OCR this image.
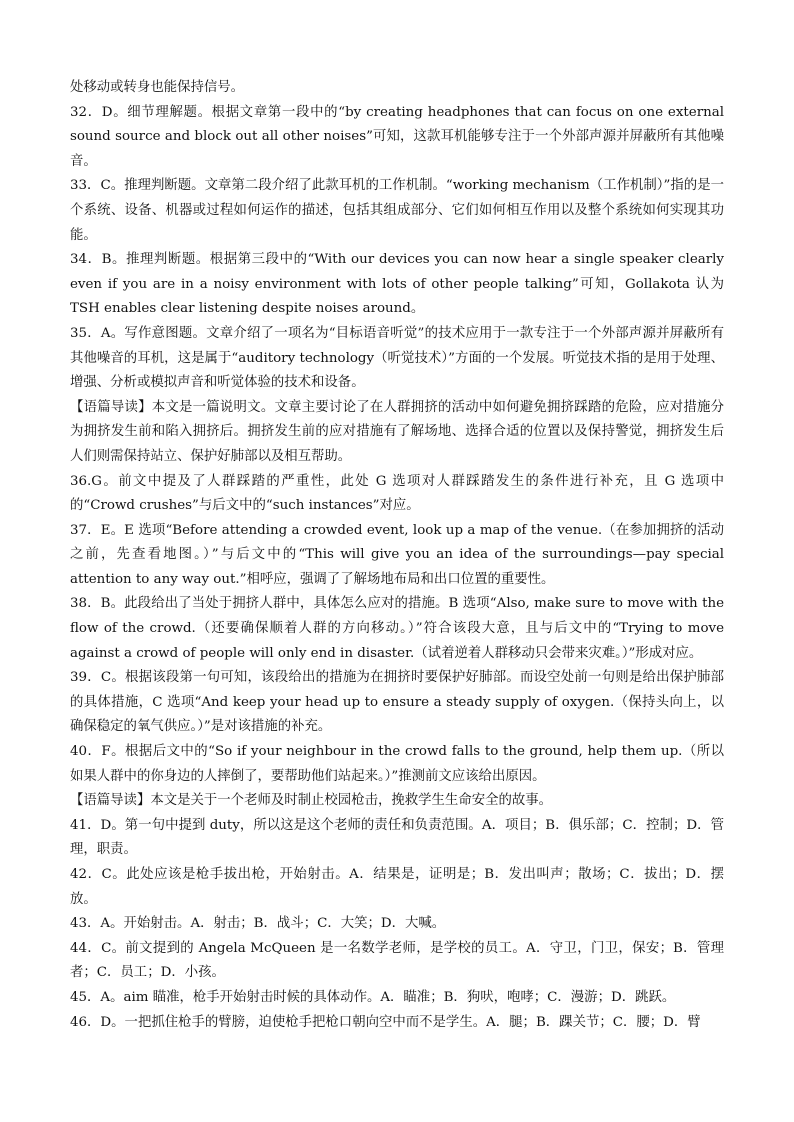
处移动或转身也能保持信号。

32．D。细节理解题。根据文章第一段中的“by creating headphones that can focus on one external sound source and block out all other noises”可知，这款耳机能够专注于一个外部声源并屏蔽所有其他噪音。

33．C。推理判断题。文章第二段介绍了此款耳机的工作机制。“working mechanism（工作机制）”指的是一个系统、设备、机器或过程如何运作的描述，包括其组成部分、它们如何相互作用以及整个系统如何实现其功能。

34．B。推理判断题。根据第三段中的“With our devices you can now hear a single speaker clearly even if you are in a noisy environment with lots of other people talking”可知，Gollakota 认为 TSH enables clear listening despite noises around。

35．A。写作意图题。文章介绍了一项名为“目标语音听觉”的技术应用于一款专注于一个外部声源并屏蔽所有其他噪音的耳机，这是属于“auditory technology（听觉技术）”方面的一个发展。听觉技术指的是用于处理、增强、分析或模拟声音和听觉体验的技术和设备。

【语篇导读】本文是一篇说明文。文章主要讨论了在人群拥挤的活动中如何避免拥挤踩踏的危险，应对措施分为拥挤发生前和陷入拥挤后。拥挤发生前的应对措施有了解场地、选择合适的位置以及保持警觉，拥挤发生后人们则需保持站立、保护好肺部以及相互帮助。

36.G。前文中提及了人群踩踏的严重性，此处 G 选项对人群踩踏发生的条件进行补充，且 G 选项中的“Crowd crushes”与后文中的“such instances”对应。

37．E。E 选项“Before attending a crowded event, look up a map of the venue.（在参加拥挤的活动之前，先查看地图。）”与后文中的“This will give you an idea of the surroundings—pay special attention to any way out.”相呼应，强调了了解场地布局和出口位置的重要性。

38．B。此段给出了当处于拥挤人群中，具体怎么应对的措施。B 选项“Also, make sure to move with the flow of the crowd.（还要确保顺着人群的方向移动。）”符合该段大意，且与后文中的“Trying to move against a crowd of people will only end in disaster.（试着逆着人群移动只会带来灾难。）”形成对应。

39．C。根据该段第一句可知，该段给出的措施为在拥挤时要保护好肺部。而设空处前一句则是给出保护肺部的具体措施，C 选项“And keep your head up to ensure a steady supply of oxygen.（保持头向上，以确保稳定的氧气供应。）”是对该措施的补充。

40．F。根据后文中的“So if your neighbour in the crowd falls to the ground, help them up.（所以如果人群中的你身边的人摔倒了，要帮助他们站起来。）”推测前文应该给出原因。

【语篇导读】本文是关于一个老师及时制止校园枪击，挽救学生生命安全的故事。

41．D。第一句中提到 duty，所以这是这个老师的责任和负责范围。A．项目；B．俱乐部；C．控制；D．管理，职责。

42．C。此处应该是枪手拔出枪，开始射击。A．结果是，证明是；B．发出叫声；散场；C．拔出；D．摆放。

43．A。开始射击。A．射击；B．战斗；C．大笑；D．大喊。

44．C。前文提到的 Angela McQueen 是一名数学老师，是学校的员工。A．守卫，门卫，保安；B．管理者；C．员工；D．小孩。

45．A。aim 瞄准，枪手开始射击时候的具体动作。A．瞄准；B．狗吠，咆哮；C．漫游；D．跳跃。

46．D。一把抓住枪手的臂膀，迫使枪手把枪口朝向空中而不是学生。A．腿；B．踝关节；C．腰；D．臂
